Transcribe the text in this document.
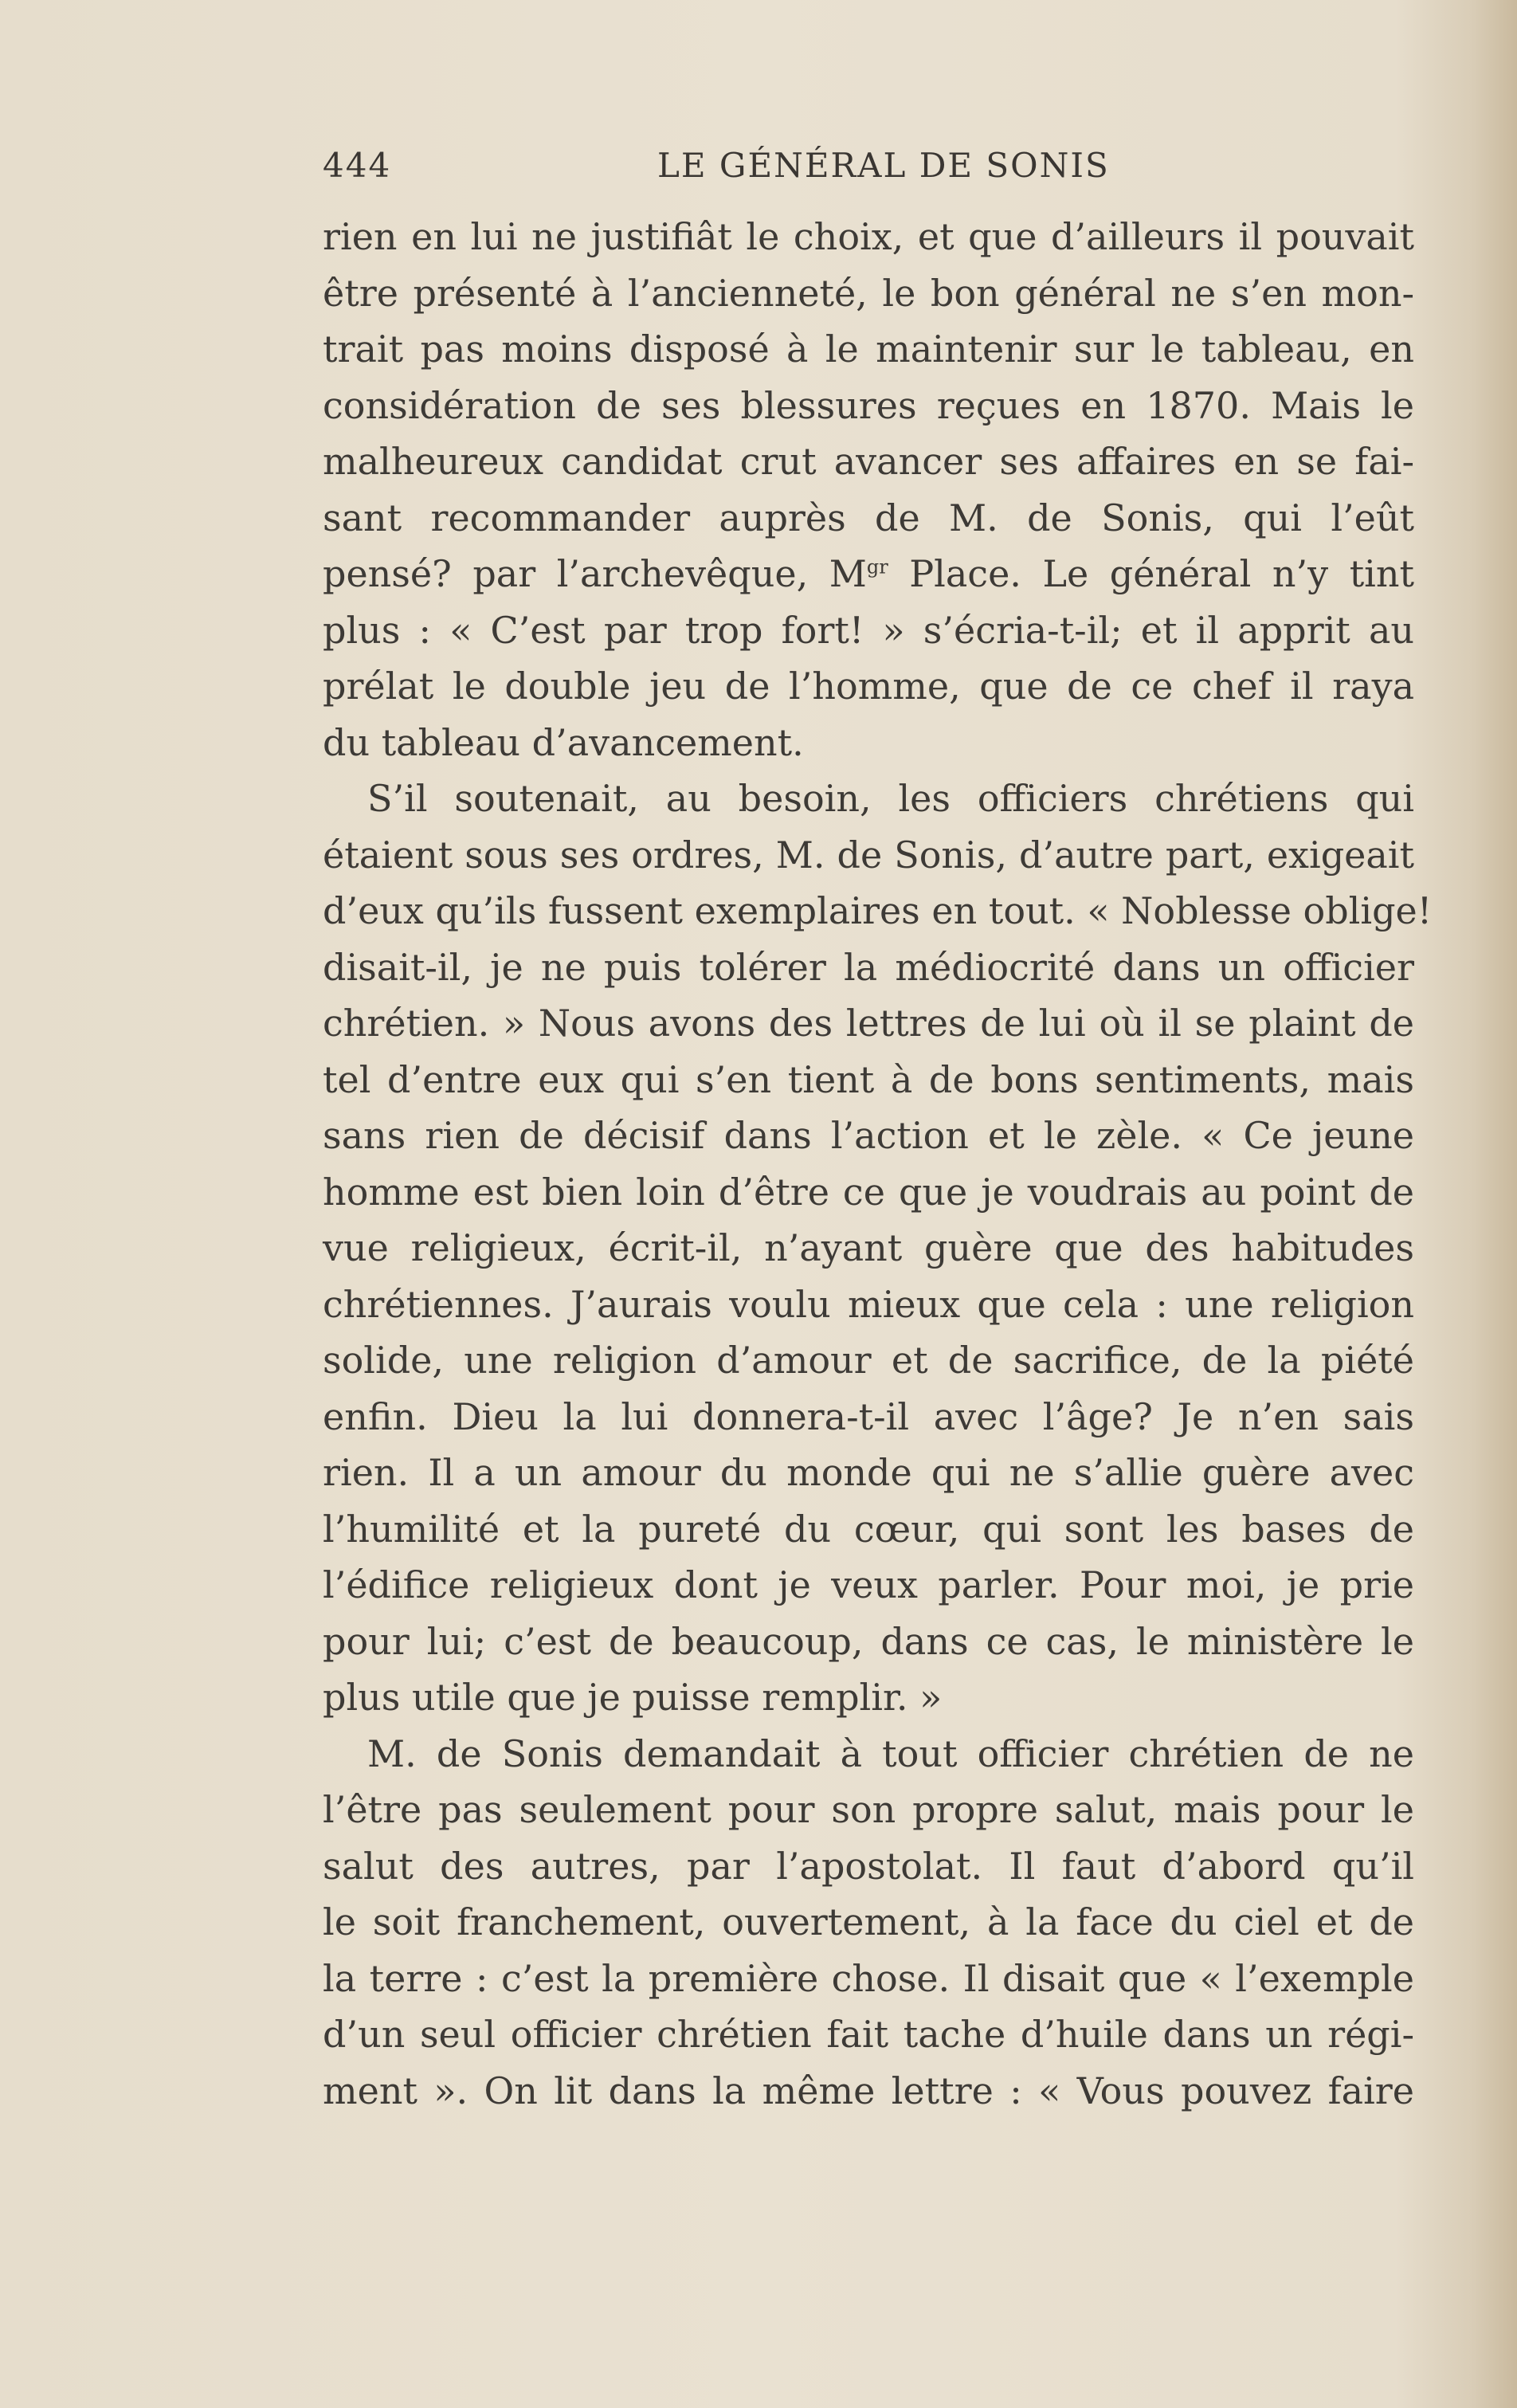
444	LE GÉNÉRAL DE SONIS
rien en lui ne justifiât le choix, et que d’ailleurs il pouvait
être présenté à l’ancienneté, le bon général ne s’en mon-
trait pas moins disposé à le maintenir sur le tableau, en
considération de ses blessures reçues en 1870. Mais le
malheureux candidat crut avancer ses affaires en se fai-
sant recommander auprès de M. de Sonis, qui l’eût
pensé? par l’archevêque, $M^{gr}$ Place. Le général n’y tint
plus : « C’est par trop fort! » s’écria-t-il; et il apprit au
prélat le double jeu de l’homme, que de ce chef il raya
du tableau d’avancement.
S’il soutenait, au besoin, les officiers chrétiens qui
étaient sous ses ordres, M. de Sonis, d’autre part, exigeait
d’eux qu’ils fussent exemplaires en tout. « Noblesse oblige!
disait-il, je ne puis tolérer la médiocrité dans un officier
chrétien. » Nous avons des lettres de lui où il se plaint de
tel d’entre eux qui s’en tient à de bons sentiments, mais
sans rien de décisif dans l’action et le zèle. « Ce jeune
homme est bien loin d’être ce que je voudrais au point de
vue religieux, écrit-il, n’ayant guère que des habitudes
chrétiennes. J’aurais voulu mieux que cela : une religion
solide, une religion d’amour et de sacrifice, de la piété
enfin. Dieu la lui donnera-t-il avec l’âge? Je n’en sais
rien. Il a un amour du monde qui ne s’allie guère avec
l’humilité et la pureté du cœur, qui sont les bases de
l’édifice religieux dont je veux parler. Pour moi, je prie
pour lui; c’est de beaucoup, dans ce cas, le ministère le
plus utile que je puisse remplir. »
M. de Sonis demandait à tout officier chrétien de ne
l’être pas seulement pour son propre salut, mais pour le
salut des autres, par l’apostolat. Il faut d’abord qu’il
le soit franchement, ouvertement, à la face du ciel et de
la terre : c’est la première chose. Il disait que « l’exemple
d’un seul officier chrétien fait tache d’huile dans un régi-
ment ». On lit dans la même lettre : « Vous pouvez faire
